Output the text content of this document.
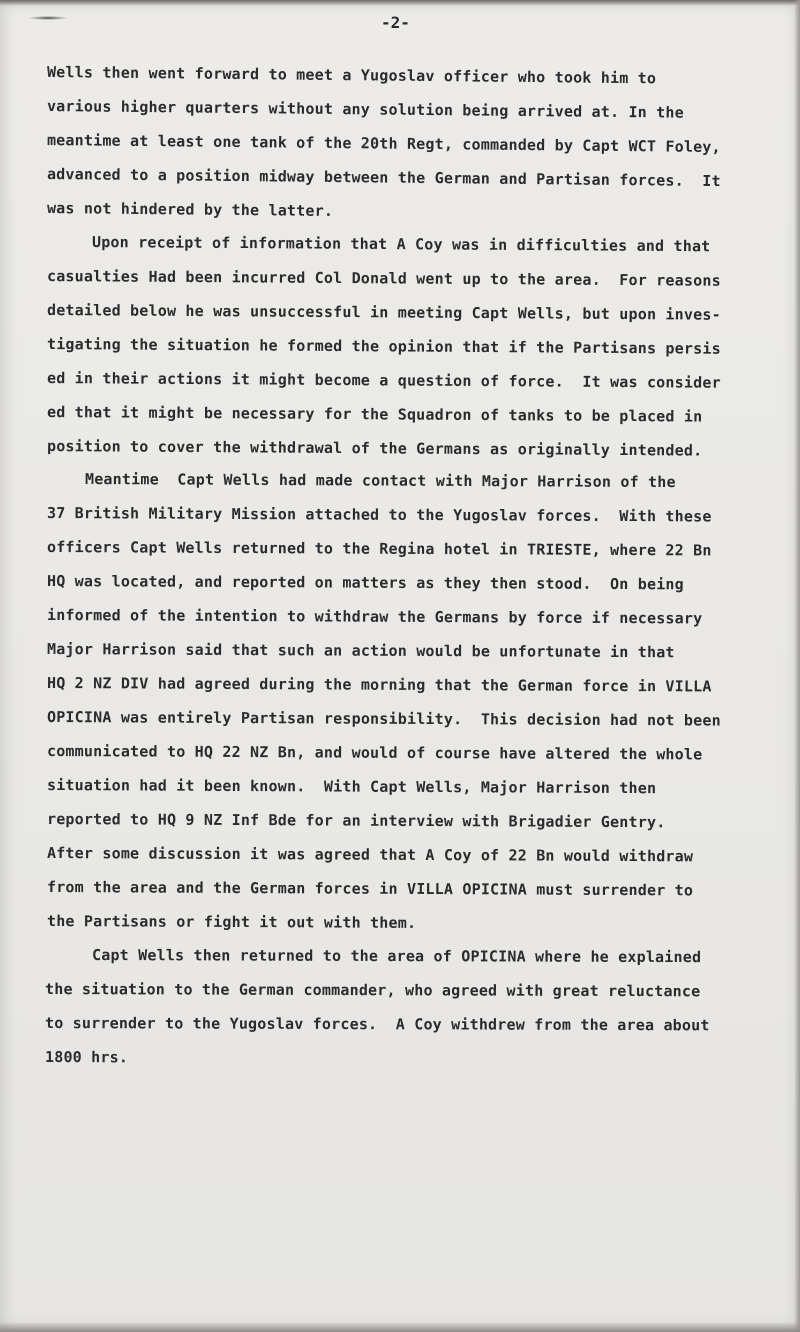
-2-
Wells then went forward to meet a Yugoslav officer who took him to
various higher quarters without any solution being arrived at. In the
meantime at least one tank of the 20th Regt, commanded by Capt WCT Foley,
advanced to a position midway between the German and Partisan forces.  It
was not hindered by the latter.
Upon receipt of information that A Coy was in difficulties and that
casualties Had been incurred Col Donald went up to the area.  For reasons
detailed below he was unsuccessful in meeting Capt Wells, but upon inves-
tigating the situation he formed the opinion that if the Partisans persis
ed in their actions it might become a question of force.  It was consider
ed that it might be necessary for the Squadron of tanks to be placed in
position to cover the withdrawal of the Germans as originally intended.
Meantime  Capt Wells had made contact with Major Harrison of the
37 British Military Mission attached to the Yugoslav forces.  With these
officers Capt Wells returned to the Regina hotel in TRIESTE, where 22 Bn
HQ was located, and reported on matters as they then stood.  On being
informed of the intention to withdraw the Germans by force if necessary
Major Harrison said that such an action would be unfortunate in that
HQ 2 NZ DIV had agreed during the morning that the German force in VILLA
OPICINA was entirely Partisan responsibility.  This decision had not been
communicated to HQ 22 NZ Bn, and would of course have altered the whole
situation had it been known.  With Capt Wells, Major Harrison then
reported to HQ 9 NZ Inf Bde for an interview with Brigadier Gentry.
After some discussion it was agreed that A Coy of 22 Bn would withdraw
from the area and the German forces in VILLA OPICINA must surrender to
the Partisans or fight it out with them.
Capt Wells then returned to the area of OPICINA where he explained
the situation to the German commander, who agreed with great reluctance
to surrender to the Yugoslav forces.  A Coy withdrew from the area about
1800 hrs.
